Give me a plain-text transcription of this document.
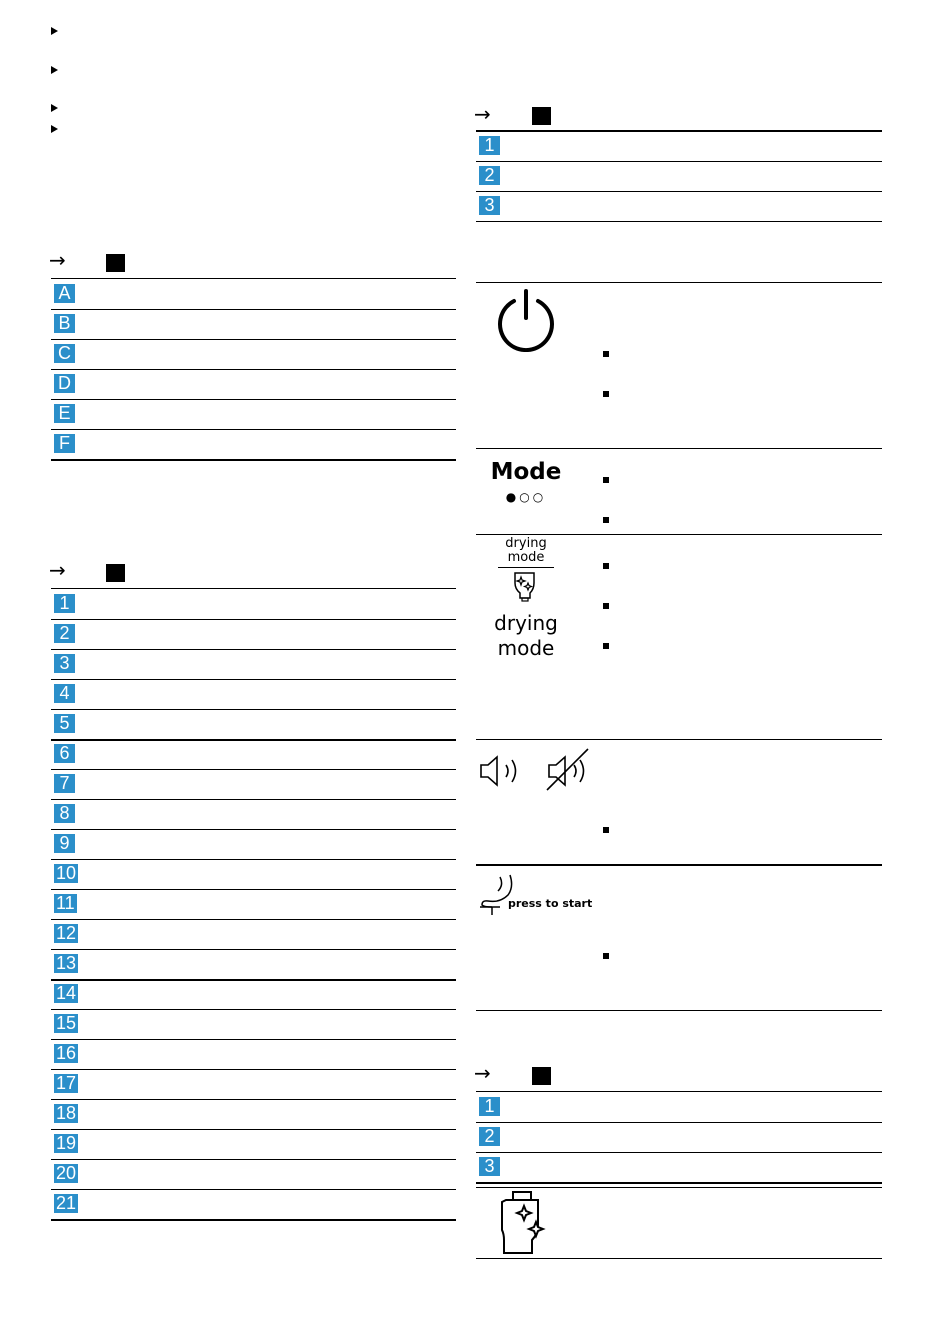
→
A
B
C
D
E
F
→
1
2
3
4
5
6
7
8
9
10
11
12
13
14
15
16
17
18
19
20
21
→
1
2
3
Mode
●○○
drying
mode
drying
mode
press to start
→
1
2
3
